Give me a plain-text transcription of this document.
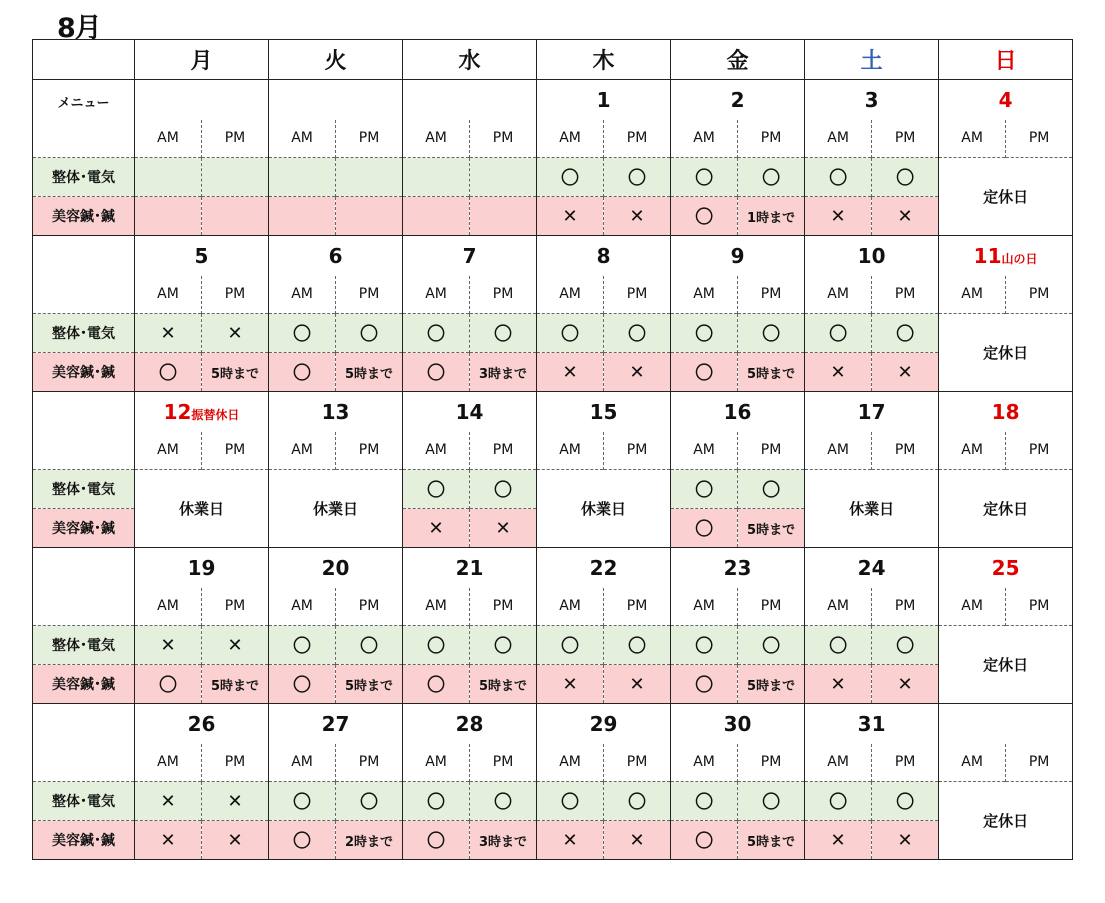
8月
	月		火		水		木		金		土		日	
メニュー							1		2		3		4	
	AM	PM	AM	PM	AM	PM	AM	PM	AM	PM	AM	PM	AM	PM
整体･電気							〇	〇	〇	〇	〇	〇	定休日	
美容鍼･鍼							✕	✕	〇	1時まで	✕	✕		
	5		6		7		8		9		10		11山の日	
	AM	PM	AM	PM	AM	PM	AM	PM	AM	PM	AM	PM	AM	PM
整体･電気	✕	✕	〇	〇	〇	〇	〇	〇	〇	〇	〇	〇	定休日	
美容鍼･鍼	〇	5時まで	〇	5時まで	〇	3時まで	✕	✕	〇	5時まで	✕	✕		
	12振替休日		13		14		15		16		17		18	
	AM	PM	AM	PM	AM	PM	AM	PM	AM	PM	AM	PM	AM	PM
整体･電気	休業日		休業日		〇	〇	休業日		〇	〇	休業日		定休日	
美容鍼･鍼					✕	✕			〇	5時まで				
	19		20		21		22		23		24		25	
	AM	PM	AM	PM	AM	PM	AM	PM	AM	PM	AM	PM	AM	PM
整体･電気	✕	✕	〇	〇	〇	〇	〇	〇	〇	〇	〇	〇	定休日	
美容鍼･鍼	〇	5時まで	〇	5時まで	〇	5時まで	✕	✕	〇	5時まで	✕	✕		
	26		27		28		29		30		31			
	AM	PM	AM	PM	AM	PM	AM	PM	AM	PM	AM	PM	AM	PM
整体･電気	✕	✕	〇	〇	〇	〇	〇	〇	〇	〇	〇	〇	定休日	
美容鍼･鍼	✕	✕	〇	2時まで	〇	3時まで	✕	✕	〇	5時まで	✕	✕		
